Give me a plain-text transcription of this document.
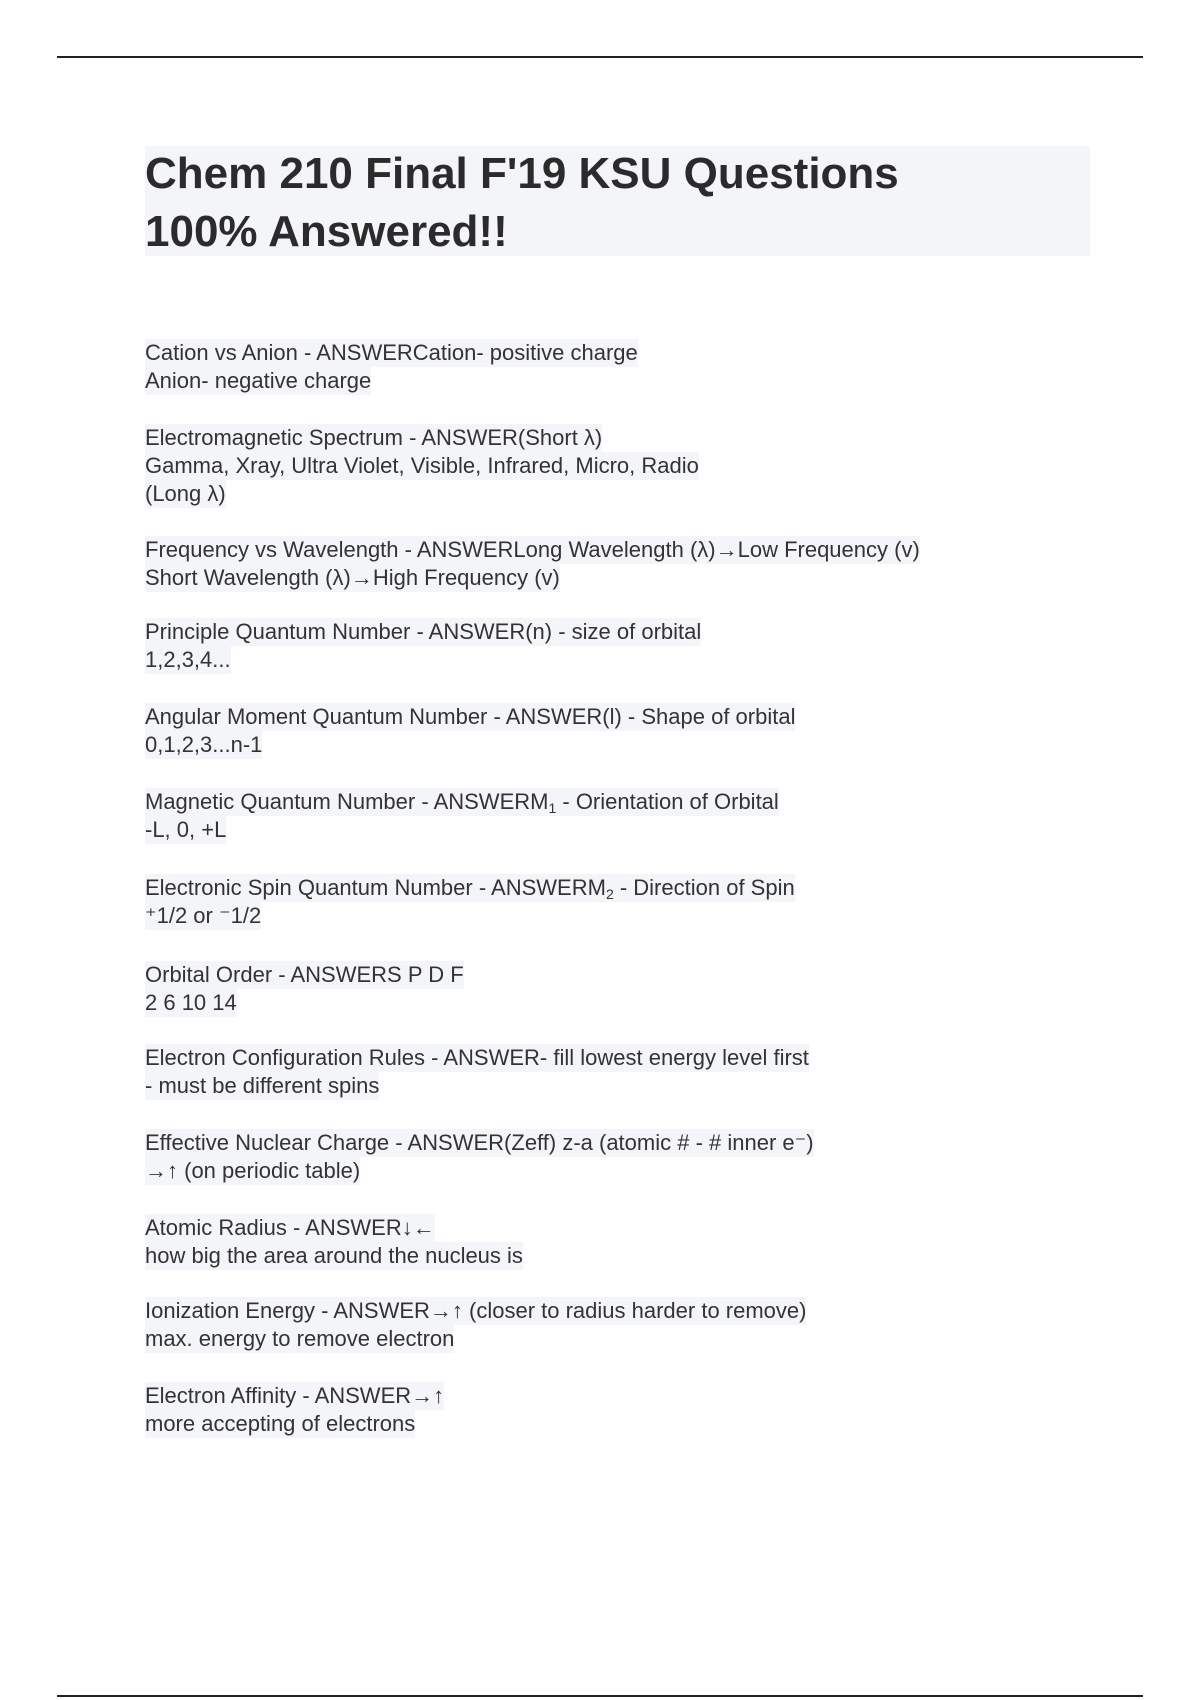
Chem 210 Final F'19 KSU Questions
100% Answered!!
Cation vs Anion - ANSWERCation- positive charge
Anion- negative charge
Electromagnetic Spectrum - ANSWER(Short λ)
Gamma, Xray, Ultra Violet, Visible, Infrared, Micro, Radio
(Long λ)
Frequency vs Wavelength - ANSWERLong Wavelength (λ)→Low Frequency (v)
Short Wavelength (λ)→High Frequency (v)
Principle Quantum Number - ANSWER(n) - size of orbital
1,2,3,4...
Angular Moment Quantum Number - ANSWER(l) - Shape of orbital
0,1,2,3...n-1
Magnetic Quantum Number - $ANSWERM_1$ - Orientation of Orbital
-L, 0, +L
Electronic Spin Quantum Number - $ANSWERM_2$ - Direction of Spin
⁺1/2 or ⁻1/2
Orbital Order - ANSWERS P D F
2 6 10 14
Electron Configuration Rules - ANSWER- fill lowest energy level first
- must be different spins
Effective Nuclear Charge - ANSWER(Zeff) z-a (atomic # - # inner e⁻)
→↑ (on periodic table)
Atomic Radius - ANSWER↓←
how big the area around the nucleus is
Ionization Energy - ANSWER→↑ (closer to radius harder to remove)
max. energy to remove electron
Electron Affinity - ANSWER→↑
more accepting of electrons
